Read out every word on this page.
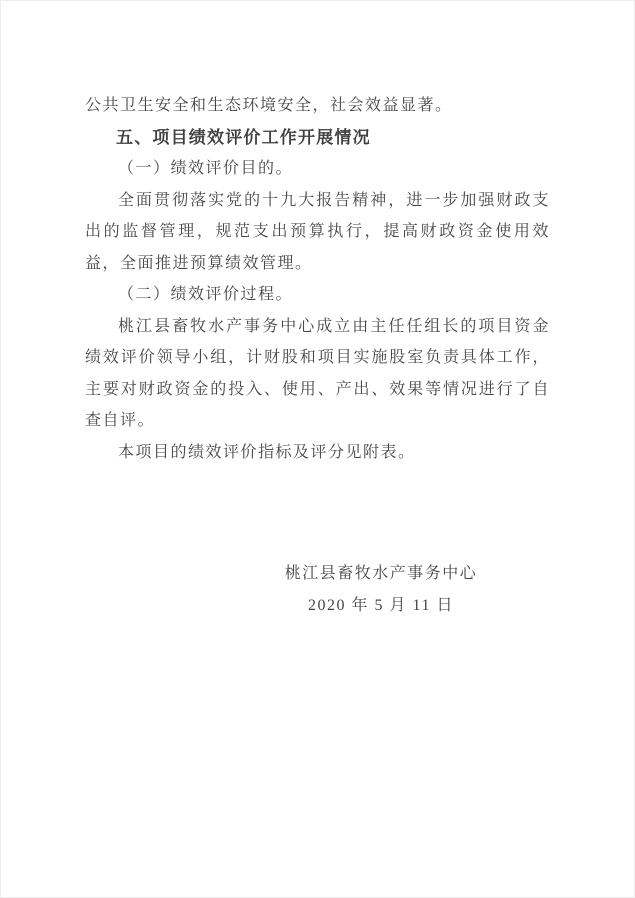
公共卫生安全和生态环境安全，社会效益显著。

五、项目绩效评价工作开展情况

（一）绩效评价目的。

全面贯彻落实党的十九大报告精神，进一步加强财政支出的监督管理，规范支出预算执行，提高财政资金使用效益，全面推进预算绩效管理。

（二）绩效评价过程。

桃江县畜牧水产事务中心成立由主任任组长的项目资金绩效评价领导小组，计财股和项目实施股室负责具体工作，主要对财政资金的投入、使用、产出、效果等情况进行了自查自评。

本项目的绩效评价指标及评分见附表。

桃江县畜牧水产事务中心

2020 年 5 月 11 日
